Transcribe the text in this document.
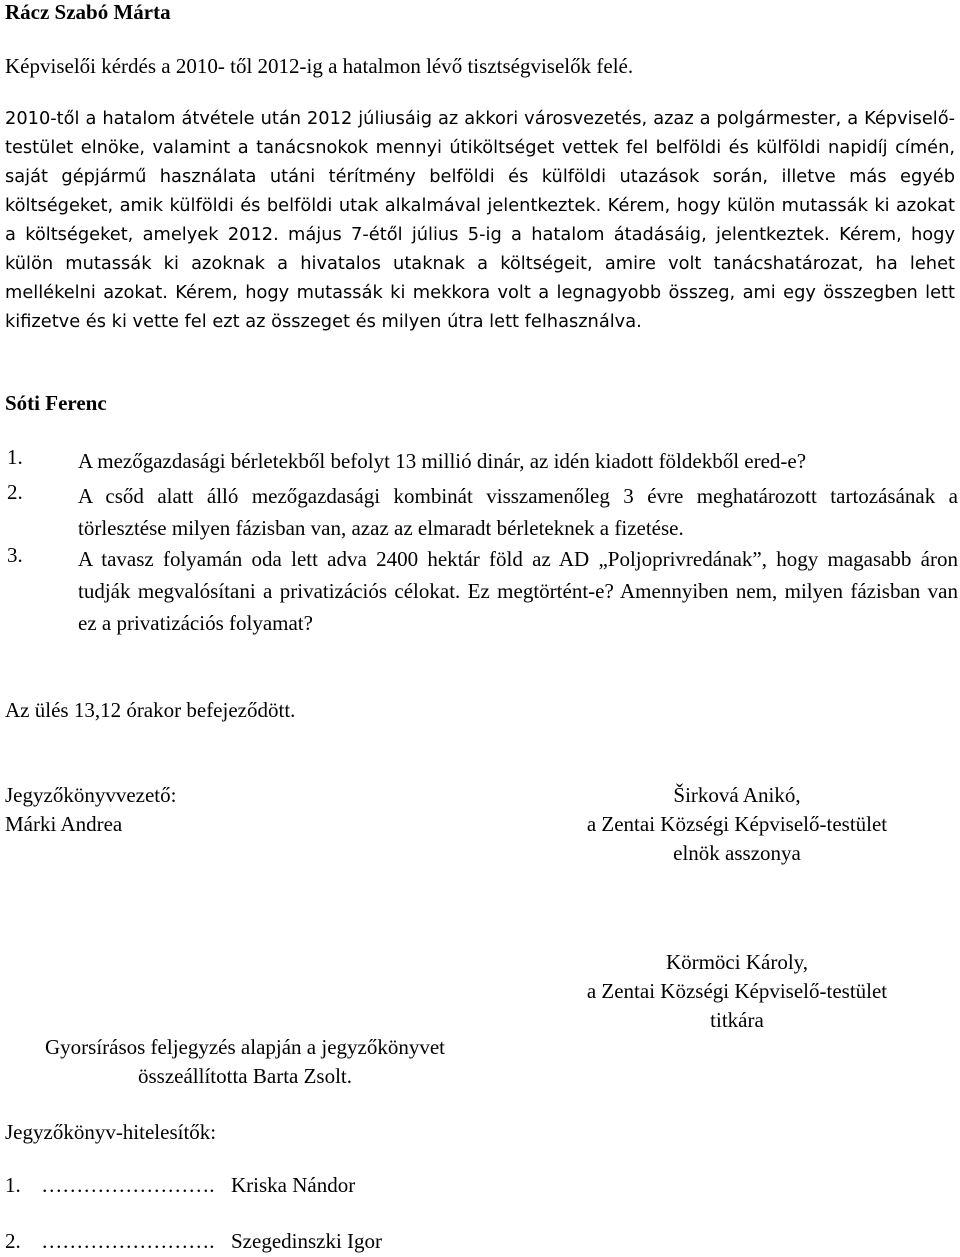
Rácz Szabó Márta
Képviselői kérdés a 2010- től 2012-ig a hatalmon lévő tisztségviselők felé.

2010-től a hatalom átvétele után 2012 júliusáig az akkori városvezetés, azaz a polgármester, a Képviselő-testület elnöke, valamint a tanácsnokok mennyi útiköltséget vettek fel belföldi és külföldi napidíj címén, saját gépjármű használata utáni térítmény belföldi és külföldi utazások során, illetve más egyéb költségeket, amik külföldi és belföldi utak alkalmával jelentkeztek. Kérem, hogy külön mutassák ki azokat a költségeket, amelyek 2012. május 7-étől július 5-ig a hatalom átadásáig, jelentkeztek. Kérem, hogy külön mutassák ki azoknak a hivatalos utaknak a költségeit, amire volt tanácshatározat, ha lehet mellékelni azokat. Kérem, hogy mutassák ki mekkora volt a legnagyobb összeg, ami egy összegben lett kifizetve és ki vette fel ezt az összeget és milyen útra lett felhasználva.

Sóti Ferenc
1.	A mezőgazdasági bérletekből befolyt 13 millió dinár, az idén kiadott földekből ered-e?
2.	A csőd alatt álló mezőgazdasági kombinát visszamenőleg 3 évre meghatározott tartozásának a törlesztése milyen fázisban van, azaz az elmaradt bérleteknek a fizetése.
3.	A tavasz folyamán oda lett adva 2400 hektár föld az AD „Poljoprivredának”, hogy magasabb áron tudják megvalósítani a privatizációs célokat. Ez megtörtént-e? Amennyiben nem, milyen fázisban van ez a privatizációs folyamat?
Az ülés 13,12 órakor befejeződött.
Jegyzőkönyvvezető:
Márki Andrea
Širková Anikó,
a Zentai Községi Képviselő-testület
elnök asszonya
Körmöci Károly,
a Zentai Községi Képviselő-testület
titkára
Gyorsírásos feljegyzés alapján a jegyzőkönyvet
összeállította Barta Zsolt.
Jegyzőkönyv-hitelesítők:
1. ……………………. Kriska Nándor
2. ……………………. Szegedinszki Igor
